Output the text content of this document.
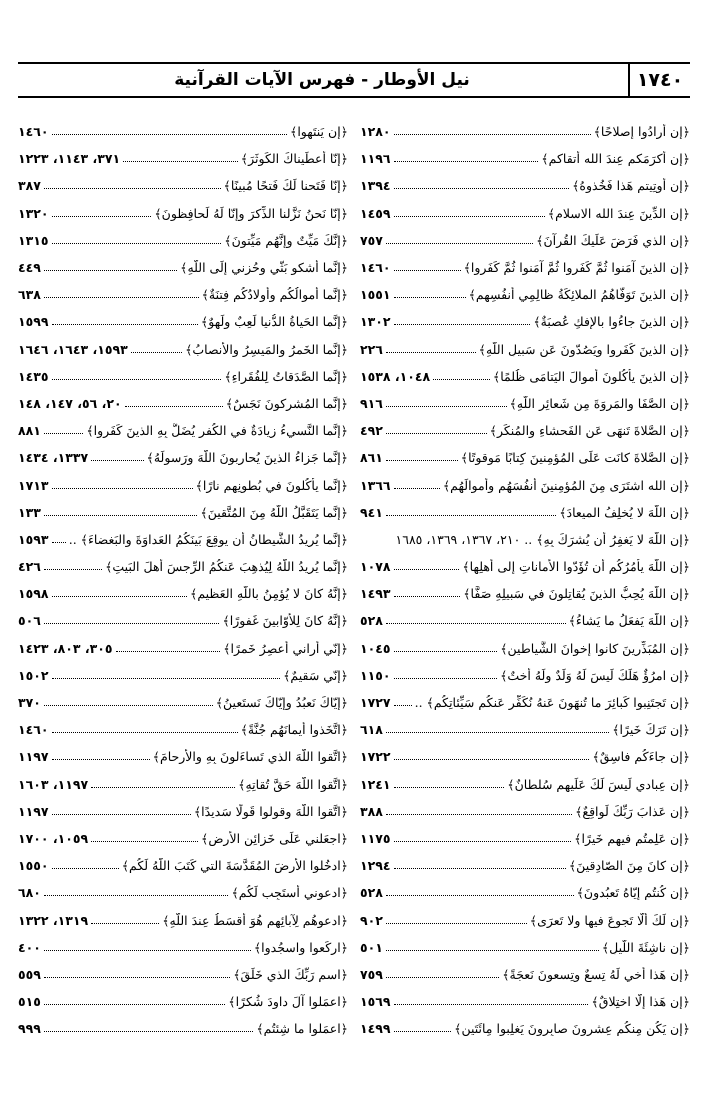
١٧٤٠
نيل الأوطار - فهرس الآيات القرآنية
﴿إن أرادُوا إصلاحًا﴾
١٢٨٠
﴿إن أكرَمَكم عِندَ الله أتقاكم﴾
١١٩٦
﴿إن أوتِيتم هَذا فَخُذوهُ﴾
١٣٩٤
﴿إن الدِّينَ عِندَ الله الاسلام﴾
١٤٥٩
﴿إن الذي فَرَضَ عَلَيكَ القُرآنَ﴾
٧٥٧
﴿إن الذينَ آمَنوا ثُمَّ كَفَروا ثُمَّ آمَنوا ثُمَّ كَفَروا﴾
١٤٦٠
﴿إن الذينَ تَوَفّاهُمُ الملائِكَةُ ظالِمِي أنفُسِهِم﴾
١٥٥١
﴿إن الذينَ جاءُوا بالإفكِ عُصبَةٌ﴾
١٣٠٢
﴿إن الذينَ كَفَروا ويَصُدّونَ عَن سَبيلِ اللّهِ﴾
٢٢٦
﴿إن الذينَ يأكُلونَ أموالَ اليَتامَى ظُلمًا﴾
١٠٤٨، ١٥٣٨
﴿إن الصَّفَا والمَروَةَ مِن شَعائِرِ اللّهِ﴾
٩١٦
﴿إن الصَّلاةَ تَنهَى عَنِ الفَحشاءِ والمُنكَرِ﴾
٤٩٢
﴿إن الصَّلاةَ كانَت عَلَى المُؤمِنينَ كِتابًا مَوقوتًا﴾
٨٦١
﴿إن الله اشتَرَى مِنَ المُؤمِنينَ أنفُسَهُم وأموالَهُم﴾
١٣٦٦
﴿إن اللّهَ لا يُخلِفُ الميعادَ﴾
٩٤١
﴿إن اللّهَ لا يَغفِرُ أن يُشرَكَ بِهِ﴾ .. ٢١٠، ١٣٦٧، ١٣٦٩، ١٦٨٥
﴿إن اللّهَ يأمُرُكُم أن تُؤَدّوا الأماناتِ إلى أهلِها﴾
١٠٧٨
﴿إن اللّهَ يُحِبُّ الذينَ يُقاتِلونَ في سَبيلِهِ صَفًّا﴾
١٤٩٣
﴿إن اللّهَ يَفعَلُ ما يَشاءُ﴾
٥٢٨
﴿إن المُبَذِّرينَ كانوا إخوانَ الشَّياطينِ﴾
١٠٤٥
﴿إن امرُؤٌ هَلَكَ لَيسَ لَهُ وَلَدٌ ولَهُ أُختٌ﴾
١١٥٠
﴿إن تَجتَنِبوا كَبائِرَ ما تُنهَونَ عَنهُ نُكَفِّر عَنكُم سَيِّئاتِكُم﴾ ..
١٧٢٧
﴿إن تَرَكَ خَيرًا﴾
٦١٨
﴿إن جاءَكُم فاسِقٌ﴾
١٧٢٢
﴿إن عِبادي لَيسَ لَكَ عَلَيهِم سُلطانٌ﴾
١٢٤١
﴿إن عَذابَ رَبِّكَ لَواقِعٌ﴾
٣٨٨
﴿إن عَلِمتُم فيهِم خَيرًا﴾
١١٧٥
﴿إن كانَ مِنَ الصّادِقينَ﴾
١٢٩٤
﴿إن كُنتُم إيّاهُ تَعبُدونَ﴾
٥٢٨
﴿إن لَكَ ألّا تَجوعَ فيها ولا تَعرَى﴾
٩٠٢
﴿إن ناشِئَةَ اللَّيلِ﴾
٥٠١
﴿إن هَذا أخي لَهُ تِسعٌ وتِسعونَ نَعجَةً﴾
٧٥٩
﴿إن هَذا إلّا اختِلاقٌ﴾
١٥٦٩
﴿إن يَكُن مِنكُم عِشرونَ صابِرونَ يَغلِبوا مِائَتَينِ﴾
١٤٩٩
﴿إن يَنتَهوا﴾
١٤٦٠
﴿إنّا أعطَيناكَ الكَوثَرَ﴾
٣٧١، ١١٤٣، ١٢٢٣
﴿إنّا فَتَحنا لَكَ فَتحًا مُبينًا﴾
٣٨٧
﴿إنّا نَحنُ نَزَّلنا الذِّكرَ وإنّا لَهُ لَحافِظونَ﴾
١٣٢٠
﴿إنَّكَ مَيِّتٌ وإنَّهُم مَيِّتونَ﴾
١٣١٥
﴿إنَّما أشكو بَثّي وحُزني إلَى اللّهِ﴾
٤٤٩
﴿إنَّما أموالُكُم وأولادُكُم فِتنَةٌ﴾
٦٣٨
﴿إنَّما الحَياةُ الدُّنيا لَعِبٌ ولَهوٌ﴾
١٥٩٩
﴿إنَّما الخَمرُ والمَيسِرُ والأنصابُ﴾
١٥٩٣، ١٦٤٣، ١٦٤٦
﴿إنَّما الصَّدَقاتُ لِلفُقَراءِ﴾
١٤٣٥
﴿إنَّما المُشرِكونَ نَجَسٌ﴾
٢٠، ٥٦، ١٤٧، ١٤٨
﴿إنَّما النَّسيءُ زيادَةٌ في الكُفرِ يُضَلُّ بِهِ الذينَ كَفَروا﴾
٨٨١
﴿إنَّما جَزاءُ الذينَ يُحارِبونَ اللّهَ ورَسولَهُ﴾
١٣٣٧، ١٤٣٤
﴿إنَّما يأكُلونَ في بُطونِهِم نارًا﴾
١٧١٣
﴿إنَّما يَتَقَبَّلُ اللّهُ مِنَ المُتَّقينَ﴾
١٣٣
﴿إنَّما يُريدُ الشَّيطانُ أن يوقِعَ بَينَكُمُ العَداوَةَ والبَغضاءَ﴾ ..
١٥٩٣
﴿إنَّما يُريدُ اللّهُ لِيُذهِبَ عَنكُمُ الرِّجسَ أهلَ البَيتِ﴾
٤٢٦
﴿إنَّهُ كانَ لا يُؤمِنُ باللّهِ العَظيمِ﴾
١٥٩٨
﴿إنَّهُ كانَ لِلأوّابينَ غَفورًا﴾
٥٠٦
﴿إنّي أراني أعصِرُ خَمرًا﴾
٣٠٥، ٨٠٣، ١٤٢٣
﴿إنّي سَقيمٌ﴾
١٥٠٢
﴿إيّاكَ نَعبُدُ وإيّاكَ نَستَعينُ﴾
٣٧٠
﴿اتَّخَذوا أيمانَهُم جُنَّةً﴾
١٤٦٠
﴿اتَّقوا اللّهَ الذي تَساءَلونَ بِهِ والأرحامَ﴾
١١٩٧
﴿اتَّقوا اللّهَ حَقَّ تُقاتِهِ﴾
١١٩٧، ١٦٠٣
﴿اتَّقوا اللّهَ وقولوا قَولًا سَديدًا﴾
١١٩٧
﴿اجعَلني عَلَى خَزائِنِ الأرضِ﴾
١٠٥٩، ١٧٠٠
﴿ادخُلوا الأرضَ المُقَدَّسَةَ التي كَتَبَ اللّهُ لَكُم﴾
١٥٥٠
﴿ادعوني أستَجِب لَكُم﴾
٦٨٠
﴿ادعوهُم لِآبائِهِم هُوَ أقسَطُ عِندَ اللّهِ﴾
١٣١٩، ١٣٢٢
﴿اركَعوا واسجُدوا﴾
٤٠٠
﴿اسمِ رَبِّكَ الذي خَلَقَ﴾
٥٥٩
﴿اعمَلوا آلَ داودَ شُكرًا﴾
٥١٥
﴿اعمَلوا ما شِئتُم﴾
٩٩٩
